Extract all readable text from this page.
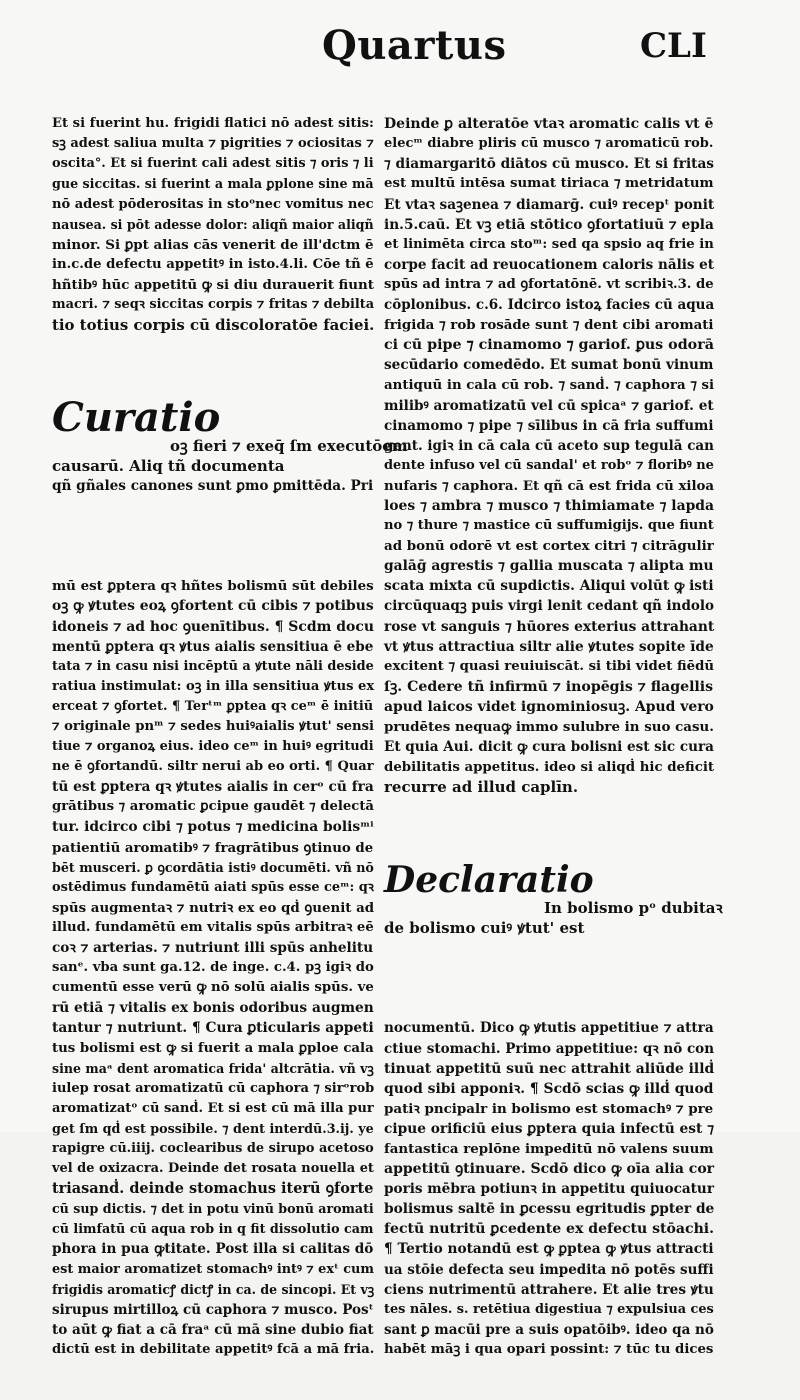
Quartus	CLI

Et si fuerint hu. frigidi flatici nō adest sitis:
sꝫ adest saliua multa ⁊ pigrities ⁊ ociositas ⁊
oscita°. Et si fuerint cali adest sitis ⁊ oris ⁊ li
gue siccitas. si fuerint a mala ꝑplone sine mā
nō adest pōderositas in stoᵒnec vomitus nec
nausea. si pōt adesse dolor: aliqñ maior aliqñ
minor. Si ꝑpt alias cās venerit de ill'dctm ē
in.c.de defectu appetitꝰ in isto.4.li. Cōe tñ ē
hñtibꝰ hūc appetitū ꝙ si diu durauerit fiunt
macri. ⁊ seqꝛ siccitas corpis ⁊ fritas ⁊ debilta
tio totius corpis cū discoloratōe faciei.

Curatio

oꝫ fieri ⁊ exeq̄ ſm executōem
causarū. Aliq tñ documenta
qñ gñales canones sunt ꝑmo ꝑmittēda. Pri

mū est ꝑptera qꝛ hñtes bolismū sūt debiles
oꝫ ꝙ ꝟtutes eoꝝ ꝯfortent cū cibis ⁊ potibus
idoneis ⁊ ad hoc ꝯuenītibus. ¶ Scdm docu
mentū ꝑptera qꝛ ꝟtus aialis sensitiua ē ebe
tata ⁊ in casu nisi incēptū a ꝟtute nāli deside
ratiua instimulat: oꝫ in illa sensitiua ꝟtus ex
erceat ⁊ ꝯfortet. ¶ Terᵗᵐ ꝑptea qꝛ ceᵐ ē initiū
⁊ originale pnᵐ ⁊ sedes huiꝰaialis ꝟtut' sensi
tiue ⁊ organoꝝ eius. ideo ceᵐ in huiꝰ egritudi
ne ē ꝯfortandū. siltr nerui ab eo orti. ¶ Quar
tū est ꝑptera qꝛ ꝟtutes aialis in cerᵒ cū fra
grātibus ⁊ aromatic ꝑcipue gaudēt ⁊ delectā
tur. idcirco cibi ⁊ potus ⁊ medicina bolisᵐⁱ
patientiū aromatibꝰ ⁊ fragrātibus ꝯtinuo de
bēt musceri. ꝑ ꝯcordātia istiꝰ documēti. vñ nō
ostēdimus fundamētū aiati spūs esse ceᵐ: qꝛ
spūs augmentaꝛ ⁊ nutriꝛ ex eo qḋ ꝯuenit ad
illud. fundamētū em vitalis spūs arbitraꝛ eē
coꝛ ⁊ arterias. ⁊ nutriunt illi spūs anhelitu
sanᵉ. vba sunt ga.12. de inge. c.4. pꝫ igiꝛ do
cumentū esse verū ꝙ nō solū aialis spūs. ve
rū etiā ⁊ vitalis ex bonis odoribus augmen
tantur ⁊ nutriunt. ¶ Cura ꝑticularis appeti
tus bolismi est ꝙ si fuerit a mala ꝑploe cala
sine maᵃ dent aromatica frida' altcrātia. vñ vꝫ
iulep rosat aromatizatū cū caphora ⁊ sirᵒrob
aromatizatᵒ cū sanḋ. Et si est cū mā illa pur
get ſm qḋ est possibile. ⁊ dent interdū.3.ij. ye
rapigre cū.iiij. coclearibus de sirupo acetoso
vel de oxizacra. Deinde det rosata nouella et
triasanḋ. deinde stomachus iterū ꝯforte
cū sup dictis. ⁊ det in potu vinū bonū aromati
cū limfatū cū aqua rob in q fit dissolutio cam
phora in pua ꝙtitate. Post illa si calitas dō
est maior aromatizet stomachꝰ intꝰ ⁊ exᵗ cum
frigidis aromaticꝭ dictꝭ in ca. de sincopi. Et vꝫ
sirupus mirtilloꝝ cū caphora ⁊ musco. Posᵗ
to aūt ꝙ fiat a cā fraᵃ cū mā sine dubio fiat
dictū est in debilitate appetitꝰ fcā a mā fria.

Deinde ꝑ alteratōe vtaꝛ aromatic calis vt ē
elecᵐ diabre pliris cū musco ⁊ aromaticū rob.
⁊ diamargaritō diātos cū musco. Et si fritas
est multū intēsa sumat tiriaca ⁊ metridatum
Et vtaꝛ saꝫenea ⁊ diamarḡ. cuiꝰ recepᵗ ponit
in.5.caū. Et vꝫ etiā stōtico ꝯfortatiuū ⁊ epla
et linimēta circa stoᵐ: sed qa spsio aq frie in
corpe facit ad reuocationem caloris nālis et
spūs ad intra ⁊ ad ꝯfortatōnē. vt scribiꝛ.3. de
cōplonibus. c.6. Idcirco istoꝝ facies cū aqua
frigida ⁊ rob rosāde sunt ⁊ dent cibi aromati
ci cū pipe ⁊ cinamomo ⁊ gariof. ꝑus odorā
secūdario comedēdo. Et sumat bonū vinum
antiquū in cala cū rob. ⁊ sanḋ. ⁊ caphora ⁊ si
milibꝰ aromatizatū vel cū spicaᵃ ⁊ gariof. et
cinamomo ⁊ pipe ⁊ sīlibus in cā fria suffumi
gent. igiꝛ in cā cala cū aceto sup tegulā can
dente infuso vel cū sandal' et robᵒ ⁊ floribꝰ ne
nufaris ⁊ caphora. Et qñ cā est frida cū xiloa
loes ⁊ ambra ⁊ musco ⁊ thimiamate ⁊ lapda
no ⁊ thure ⁊ mastice cū suffumigijs. que fiunt
ad bonū odorē vt est cortex citri ⁊ citrāgulir
galāḡ agrestis ⁊ gallia muscata ⁊ alipta mu
scata mixta cū supdictis. Aliqui volūt ꝙ isti
circūquaqꝫ puis virgi lenit cedant qñ indolo
rose vt sanguis ⁊ hūores exterius attrahant
vt ꝟtus attractiua siltr alie ꝟtutes sopite īde
excitent ⁊ quasi reuiuiscāt. si tibi videt fiēdū
ſꝫ. Cedere tñ infirmū ⁊ inopēgis ⁊ flagellis
apud laicos videt ignominiosuꝫ. Apud vero
prudētes nequaꝙ immo sulubre in suo casu.
Et quia Aui. dicit ꝙ cura bolisni est sic cura
debilitatis appetitus. ideo si aliqḋ hic deficit
recurre ad illud caplīn.

Declaratio

In bolismo pᵒ dubitaꝛ
de bolismo cuiꝰ ꝟtut' est

nocumentū. Dico ꝙ ꝟtutis appetitiue ⁊ attra
ctiue stomachi. Primo appetitiue: qꝛ nō con
tinuat appetitū suū nec attrahit aliūde illḋ
quod sibi apponiꝛ. ¶ Scdō scias ꝙ illḋ quod
patiꝛ pncipalr in bolismo est stomachꝰ ⁊ pre
cipue orificiū eius ꝑptera quia infectū est ⁊
fantastica replōne impeditū nō valens suum
appetitū ꝯtinuare. Scdō dico ꝙ oīa alia cor
poris mēbra potiunꝛ in appetitu quiuocatur
bolismus saltē in ꝑcessu egritudis ꝑpter de
fectū nutritū ꝑcedente ex defectu stōachi.
¶ Tertio notandū est ꝙ ꝑptea ꝙ ꝟtus attracti
ua stōie defecta seu impedita nō potēs suffi
ciens nutrimentū attrahere. Et alie tres ꝟtu
tes nāles. s. retētiua digestiua ⁊ expulsiua ces
sant ꝑ macūi pre a suis opatōibꝰ. ideo qa nō
habēt māꝫ i qua opari possint: ⁊ tūc tu dices
